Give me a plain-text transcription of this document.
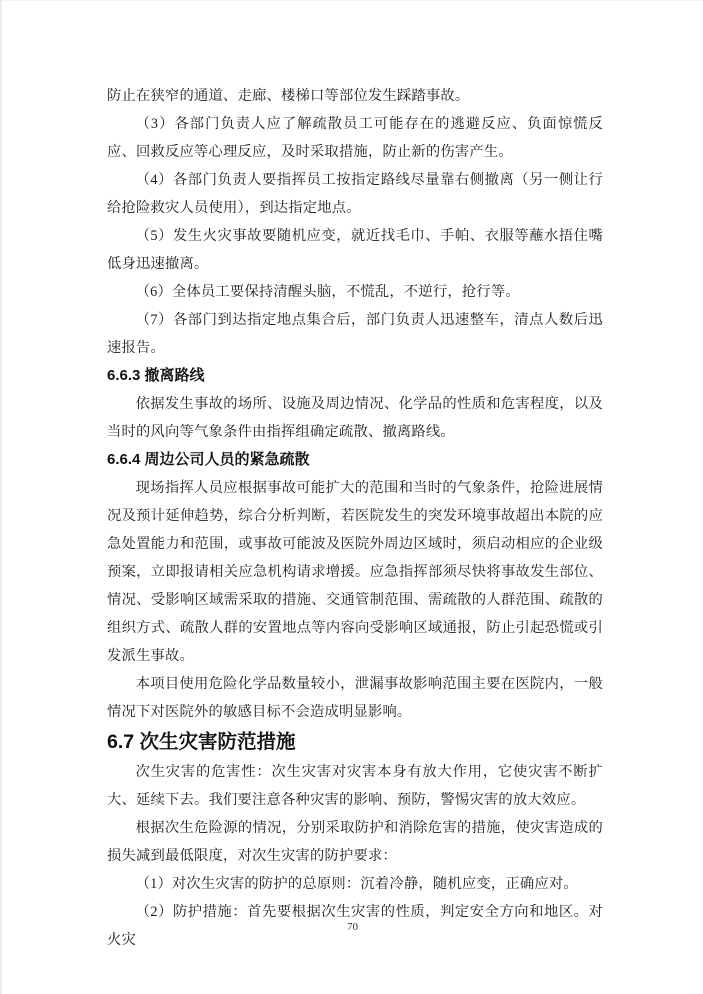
防止在狭窄的通道、走廊、楼梯口等部位发生踩踏事故。

（3）各部门负责人应了解疏散员工可能存在的逃避反应、负面惊慌反应、回救反应等心理反应，及时采取措施，防止新的伤害产生。

（4）各部门负责人要指挥员工按指定路线尽量靠右侧撤离（另一侧让行给抢险救灾人员使用），到达指定地点。

（5）发生火灾事故要随机应变，就近找毛巾、手帕、衣服等蘸水捂住嘴低身迅速撤离。

（6）全体员工要保持清醒头脑，不慌乱，不逆行，抢行等。

（7）各部门到达指定地点集合后，部门负责人迅速整车，清点人数后迅速报告。

6.6.3 撤离路线

依据发生事故的场所、设施及周边情况、化学品的性质和危害程度，以及当时的风向等气象条件由指挥组确定疏散、撤离路线。

6.6.4 周边公司人员的紧急疏散

现场指挥人员应根据事故可能扩大的范围和当时的气象条件，抢险进展情况及预计延伸趋势，综合分析判断，若医院发生的突发环境事故超出本院的应急处置能力和范围，或事故可能波及医院外周边区域时，须启动相应的企业级预案，立即报请相关应急机构请求增援。应急指挥部须尽快将事故发生部位、情况、受影响区域需采取的措施、交通管制范围、需疏散的人群范围、疏散的组织方式、疏散人群的安置地点等内容向受影响区域通报，防止引起恐慌或引发派生事故。

本项目使用危险化学品数量较小，泄漏事故影响范围主要在医院内，一般情况下对医院外的敏感目标不会造成明显影响。

6.7 次生灾害防范措施

次生灾害的危害性：次生灾害对灾害本身有放大作用，它使灾害不断扩大、延续下去。我们要注意各种灾害的影响、预防，警惕灾害的放大效应。

根据次生危险源的情况，分别采取防护和消除危害的措施，使灾害造成的损失减到最低限度，对次生灾害的防护要求：

（1）对次生灾害的防护的总原则：沉着冷静，随机应变，正确应对。

（2）防护措施：首先要根据次生灾害的性质，判定安全方向和地区。对火灾

70
